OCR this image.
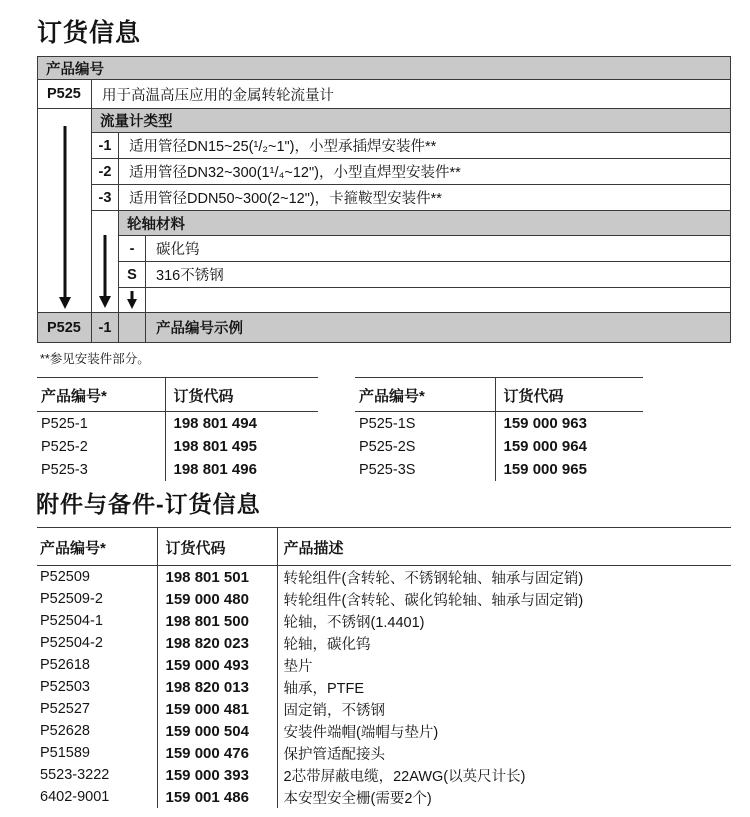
订货信息
产品编号			
P525	用于高温高压应用的金属转轮流量计		

	流量计类型		
	-1	适用管径DN15~25(¹/₂~1")，小型承插焊安装件**	
	-2	适用管径DN32~300(1¹/₄~12")，小型直焊型安装件**	
	-3	适用管径DDN50~300(2~12")，卡箍鞍型安装件**	

		轮轴材料	
		-	碳化钨
		S	316不锈钢

P525	-1		产品编号示例
**参见安装件部分。
产品编号*	订货代码
P525-1	198 801 494
P525-2	198 801 495
P525-3	198 801 496
产品编号*	订货代码
P525-1S	159 000 963
P525-2S	159 000 964
P525-3S	159 000 965
附件与备件-订货信息
产品编号*	订货代码	产品描述
P52509	198 801 501	转轮组件(含转轮、不锈钢轮轴、轴承与固定销)
P52509-2	159 000 480	转轮组件(含转轮、碳化钨轮轴、轴承与固定销)
P52504-1	198 801 500	轮轴，不锈钢(1.4401)
P52504-2	198 820 023	轮轴，碳化钨
P52618	159 000 493	垫片
P52503	198 820 013	轴承，PTFE
P52527	159 000 481	固定销，不锈钢
P52628	159 000 504	安装件端帽(端帽与垫片)
P51589	159 000 476	保护管适配接头
5523-3222	159 000 393	2芯带屏蔽电缆，22AWG(以英尺计长)
6402-9001	159 001 486	本安型安全栅(需要2个)
